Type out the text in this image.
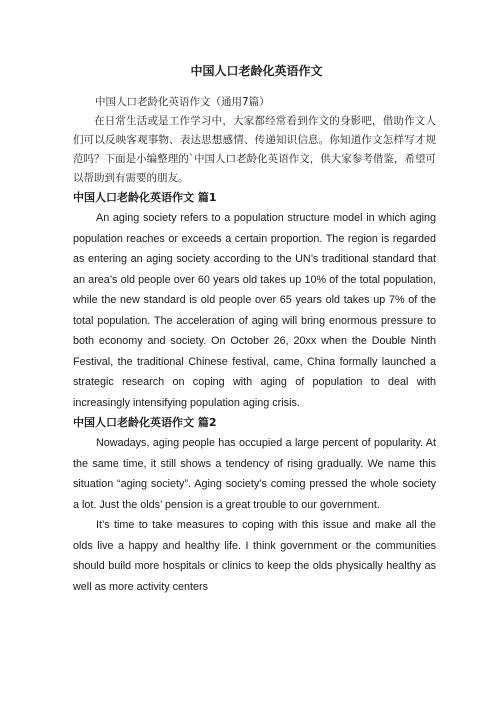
中国人口老龄化英语作文

中国人口老龄化英语作文（通用7篇）

在日常生活或是工作学习中，大家都经常看到作文的身影吧，借助作文人们可以反映客观事物、表达思想感情、传递知识信息。你知道作文怎样写才规范吗？下面是小编整理的`中国人口老龄化英语作文，供大家参考借鉴，希望可以帮助到有需要的朋友。

中国人口老龄化英语作文 篇1

An aging society refers to a population structure model in which aging population reaches or exceeds a certain proportion. The region is regarded as entering an aging society according to the UN’s traditional standard that an area’s old people over 60 years old takes up 10% of the total population, while the new standard is old people over 65 years old takes up 7% of the total population. The acceleration of aging will bring enormous pressure to both economy and society. On October 26, 20xx when the Double Ninth Festival, the traditional Chinese festival, came, China formally launched a strategic research on coping with aging of population to deal with increasingly intensifying population aging crisis.

中国人口老龄化英语作文 篇2

Nowadays, aging people has occupied a large percent of popularity. At the same time, it still shows a tendency of rising gradually. We name this situation “aging society”. Aging society’s coming pressed the whole society a lot. Just the olds’ pension is a great trouble to our government.

It’s time to take measures to coping with this issue and make all the olds live a happy and healthy life. I think government or the communities should build more hospitals or clinics to keep the olds physically healthy as well as more activity centers
